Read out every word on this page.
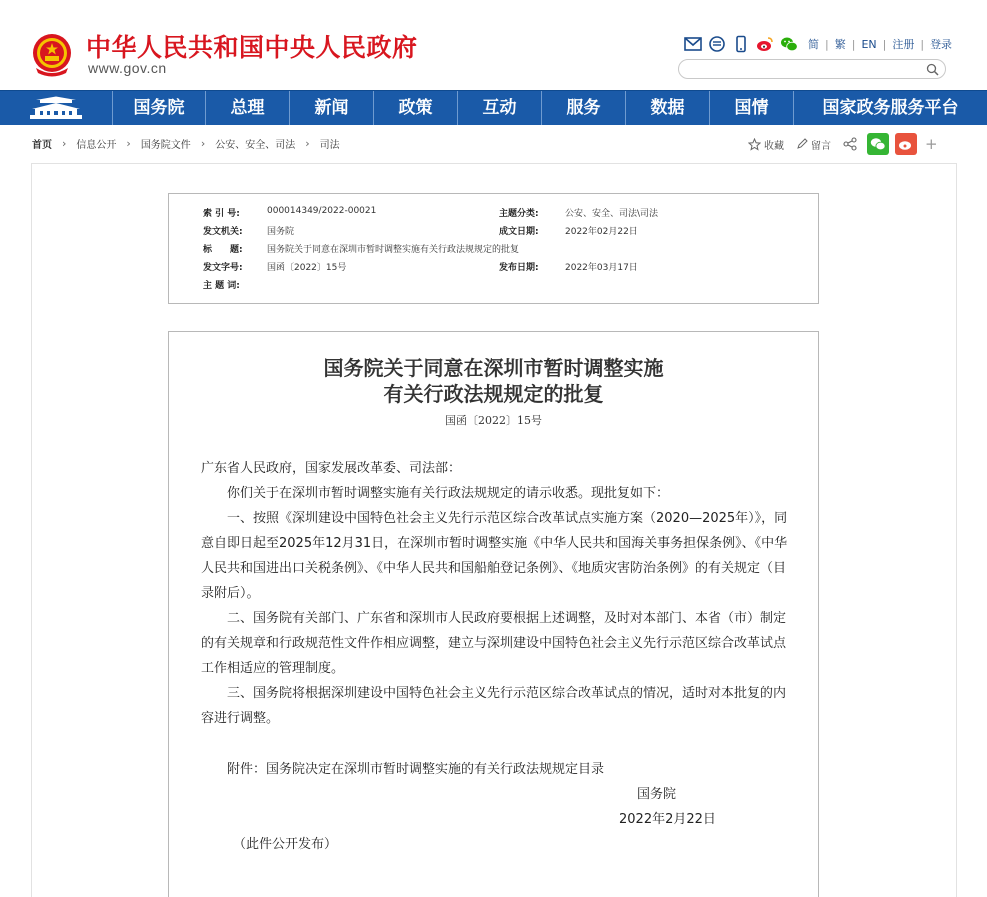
中华人民共和国中央人民政府
www.gov.cn
简 | 繁 | EN | 注册 | 登录
国务院	总理	新闻	政策	互动	服务	数据	国情	国家政务服务平台
首页 › 信息公开 › 国务院文件 › 公安、安全、司法 › 司法	收藏	留言	+
索 引 号:	000014349/2022-00021	主题分类:	公安、安全、司法\司法
发文机关:	国务院	成文日期:	2022年02月22日
标　　题:	国务院关于同意在深圳市暂时调整实施有关行政法规规定的批复
发文字号:	国函〔2022〕15号	发布日期:	2022年03月17日
主 题 词:
国务院关于同意在深圳市暂时调整实施
有关行政法规规定的批复
国函〔2022〕15号
广东省人民政府，国家发展改革委、司法部：
你们关于在深圳市暂时调整实施有关行政法规规定的请示收悉。现批复如下：
一、按照《深圳建设中国特色社会主义先行示范区综合改革试点实施方案（2020—2025年）》，同意自即日起至2025年12月31日，在深圳市暂时调整实施《中华人民共和国海关事务担保条例》、《中华人民共和国进出口关税条例》、《中华人民共和国船舶登记条例》、《地质灾害防治条例》的有关规定（目录附后）。
二、国务院有关部门、广东省和深圳市人民政府要根据上述调整，及时对本部门、本省（市）制定的有关规章和行政规范性文件作相应调整，建立与深圳建设中国特色社会主义先行示范区综合改革试点工作相适应的管理制度。
三、国务院将根据深圳建设中国特色社会主义先行示范区综合改革试点的情况，适时对本批复的内容进行调整。
附件：国务院决定在深圳市暂时调整实施的有关行政法规规定目录
国务院
2022年2月22日
（此件公开发布）
